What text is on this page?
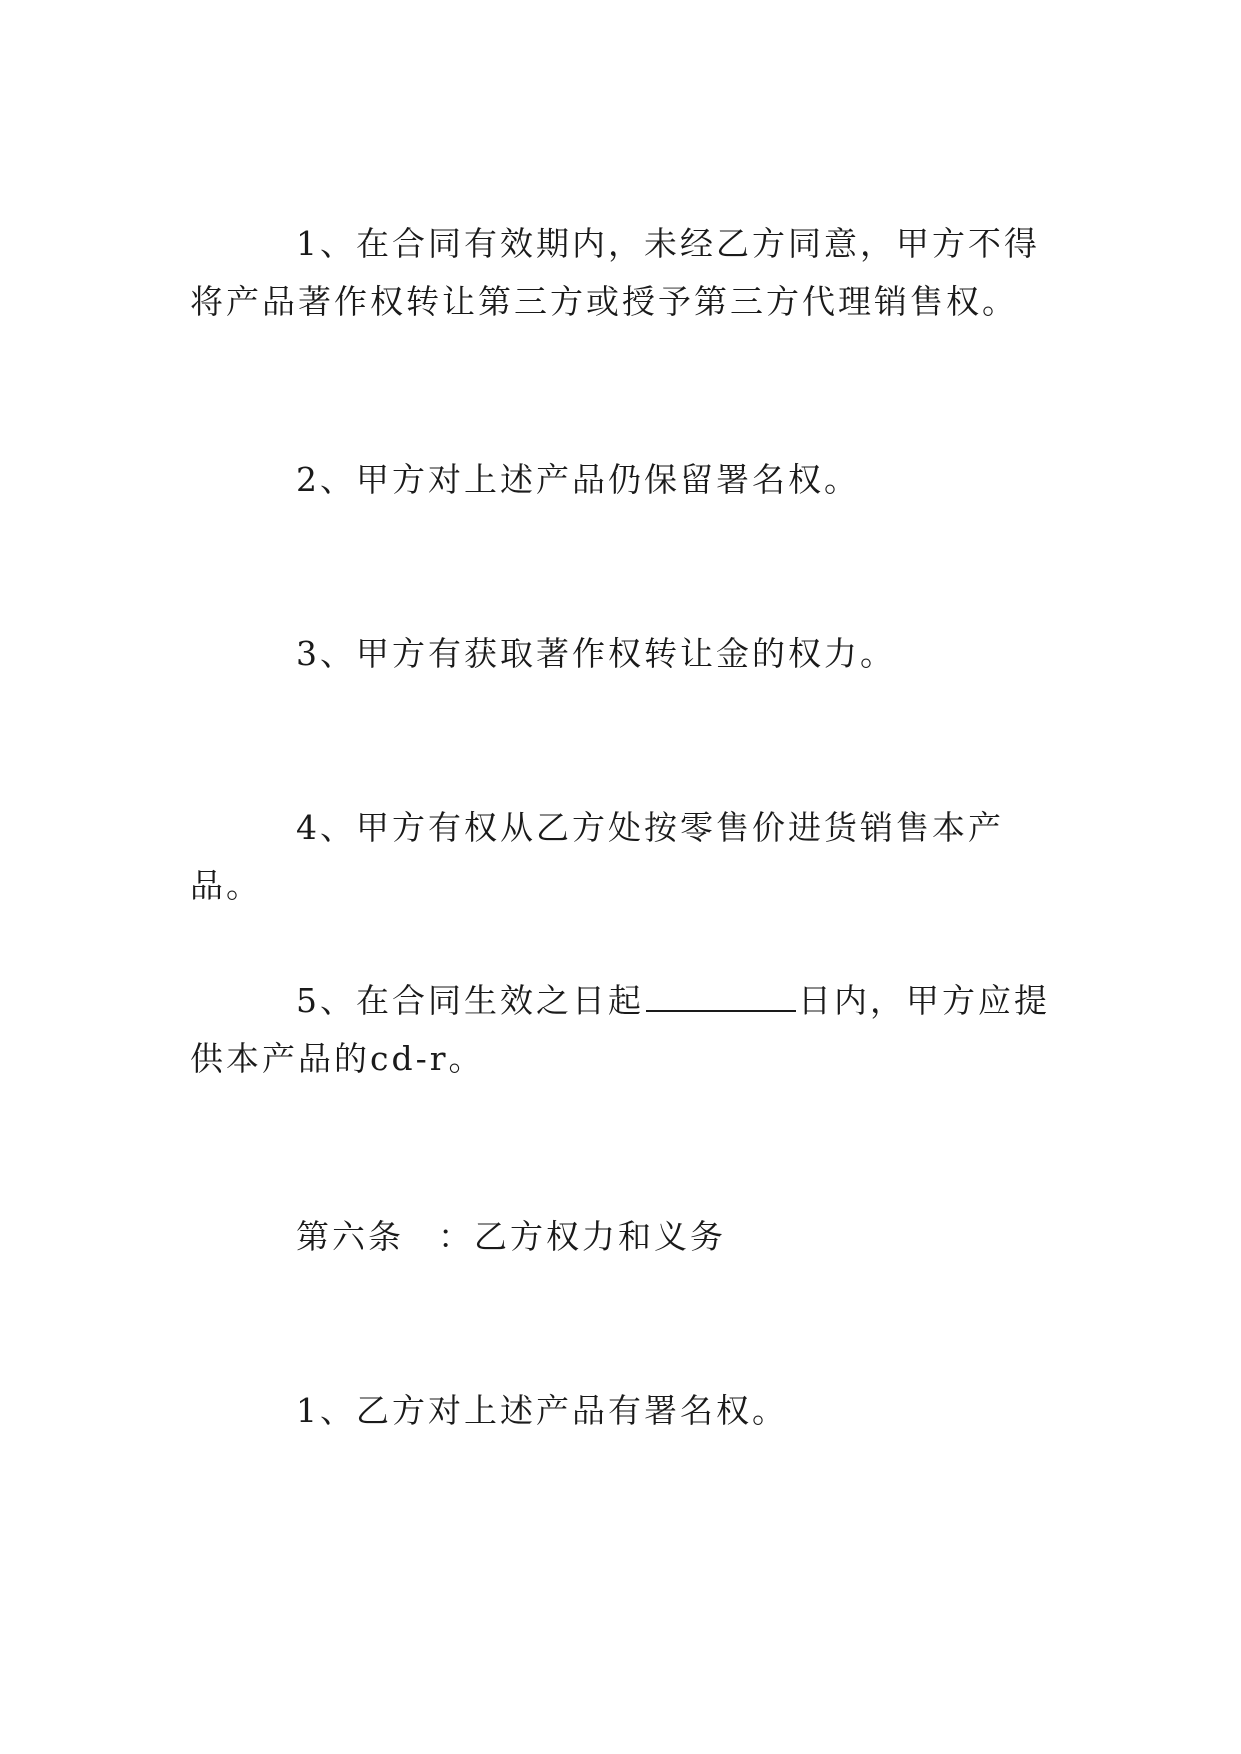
1、在合同有效期内，未经乙方同意，甲方不得将产品著作权转让第三方或授予第三方代理销售权。

2、甲方对上述产品仍保留署名权。

3、甲方有获取著作权转让金的权力。

4、甲方有权从乙方处按零售价进货销售本产品。

5、在合同生效之日起	日内，甲方应提供本产品的cd-r。

第六条 ：乙方权力和义务

1、乙方对上述产品有署名权。
